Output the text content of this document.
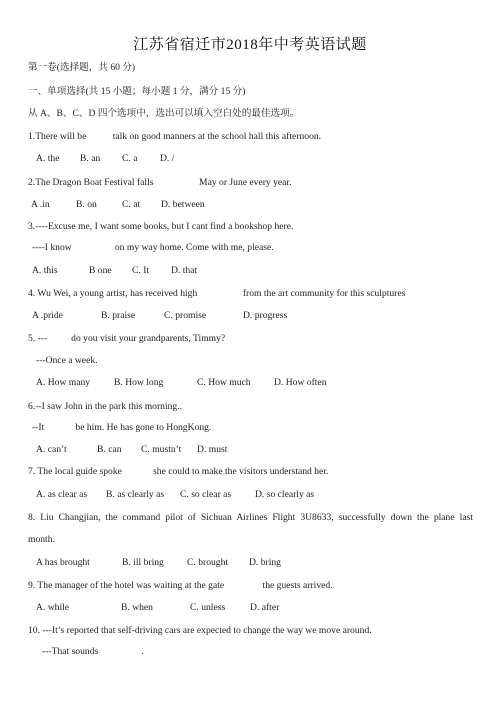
江苏省宿迁市2018年中考英语试题
第一卷(选择题，共 60 分)
一、单项选择(共 15 小题；每小题 1 分，满分 15 分)
从 A、B、C、D 四个选项中，选出可以填入空白处的最佳选项。
1.There will be           talk on good manners at the school hall this afternoon.
A. the B. an C. a D. /
2.The Dragon Boat Festival falls                   May or June every year.
A .in	B. on	C. at D. between
3.----Excuse me, I want some books, but I cant find a bookshop here.
----I know                  on my way home. Come with me, please.
A. this	B one C. It D. that
4. Wu Wei, a young artist, has received high                   from the art community for this sculptures
A .pride	B. praise	C. promise	D. progress
5. ---          do you visit your grandparents, Timmy?
---Once a week.
A. How many B. How long	C. How much D. How often
6.--I saw John in the park this morning..
--It             be him. He has gone to HongKong.
A. can’t	B. can C. mustn’t D. must
7. The local guide spoke             she could to make the visitors understand her.
A. as clear as B. as clearly as C. so clear as D. so clearly as
8. Liu Changjian, the command pilot of Sichuan Airlines Flight 3U8633, successfully down the plane last
month.
A has brought	B. ill bring C. brought D. bring
9. The manager of the hotel was waiting at the gate                the guests arrived.
A. while	B. when	C. unless	D. after
10. ---It’s reported that self-driving cars are expected to change the way we move around.
---That sounds                  .
